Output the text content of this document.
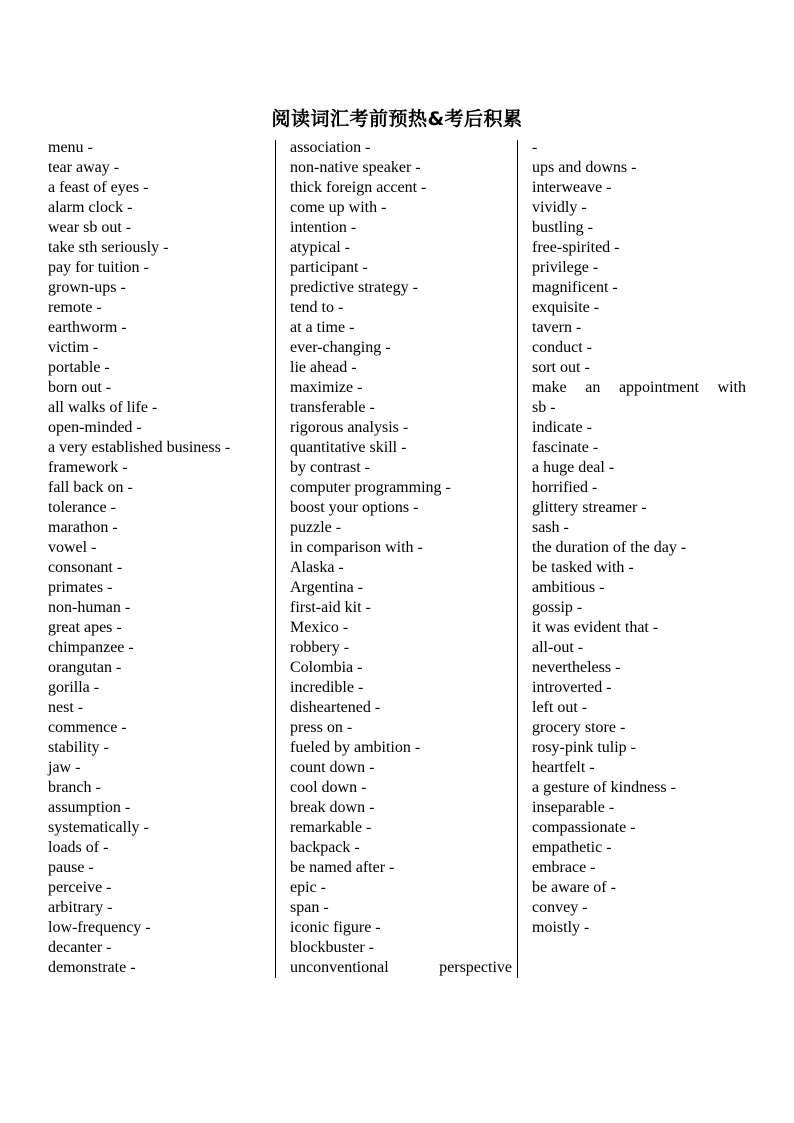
阅读词汇考前预热&考后积累
menu -
tear away -
a feast of eyes -
alarm clock -
wear sb out -
take sth seriously -
pay for tuition -
grown-ups -
remote -
earthworm -
victim -
portable -
born out -
all walks of life -
open-minded -
a very established business -
framework -
fall back on -
tolerance -
marathon -
vowel -
consonant -
primates -
non-human -
great apes -
chimpanzee -
orangutan -
gorilla -
nest -
commence -
stability -
jaw -
branch -
assumption -
systematically -
loads of -
pause -
perceive -
arbitrary -
low-frequency -
decanter -
demonstrate -
association -
non-native speaker -
thick foreign accent -
come up with -
intention -
atypical -
participant -
predictive strategy -
tend to -
at a time -
ever-changing -
lie ahead -
maximize -
transferable -
rigorous analysis -
quantitative skill -
by contrast -
computer programming -
boost your options -
puzzle -
in comparison with -
Alaska -
Argentina -
first-aid kit -
Mexico -
robbery -
Colombia -
incredible -
disheartened -
press on -
fueled by ambition -
count down -
cool down -
break down -
remarkable -
backpack -
be named after -
epic -
span -
iconic figure -
blockbuster -
unconventional perspective
-
ups and downs -
interweave -
vividly -
bustling -
free-spirited -
privilege -
magnificent -
exquisite -
tavern -
conduct -
sort out -
make an appointment with
sb -
indicate -
fascinate -
a huge deal -
horrified -
glittery streamer -
sash -
the duration of the day -
be tasked with -
ambitious -
gossip -
it was evident that -
all-out -
nevertheless -
introverted -
left out -
grocery store -
rosy-pink tulip -
heartfelt -
a gesture of kindness -
inseparable -
compassionate -
empathetic -
embrace -
be aware of -
convey -
moistly -
